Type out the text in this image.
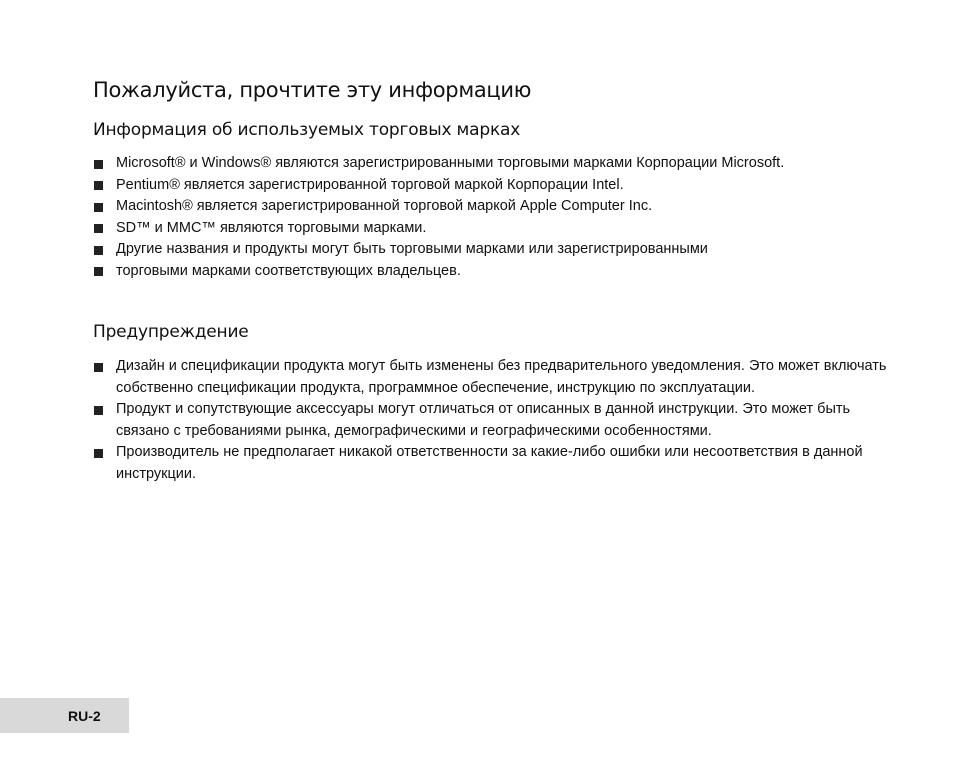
Пожалуйста, прочтите эту информацию
Информация об используемых торговых марках
Microsoft® и Windows® являются зарегистрированными торговыми марками Корпорации Microsoft.
Pentium® является зарегистрированной торговой маркой Корпорации Intel.
Macintosh® является зарегистрированной торговой маркой Apple Computer Inc.
SD™ и MMC™ являются торговыми марками.
Другие названия и продукты могут быть торговыми марками или зарегистрированными
торговыми марками соответствующих владельцев.
Предупреждение
Дизайн и спецификации продукта могут быть изменены без предварительного уведомления. Это может включать собственно спецификации продукта, программное обеспечение, инструкцию по эксплуатации.
Продукт и сопутствующие аксессуары могут отличаться от описанных в данной инструкции. Это может быть связано с требованиями рынка, демографическими и географическими особенностями.
Производитель не предполагает никакой ответственности за какие-либо ошибки или несоответствия в данной инструкции.
RU-2
